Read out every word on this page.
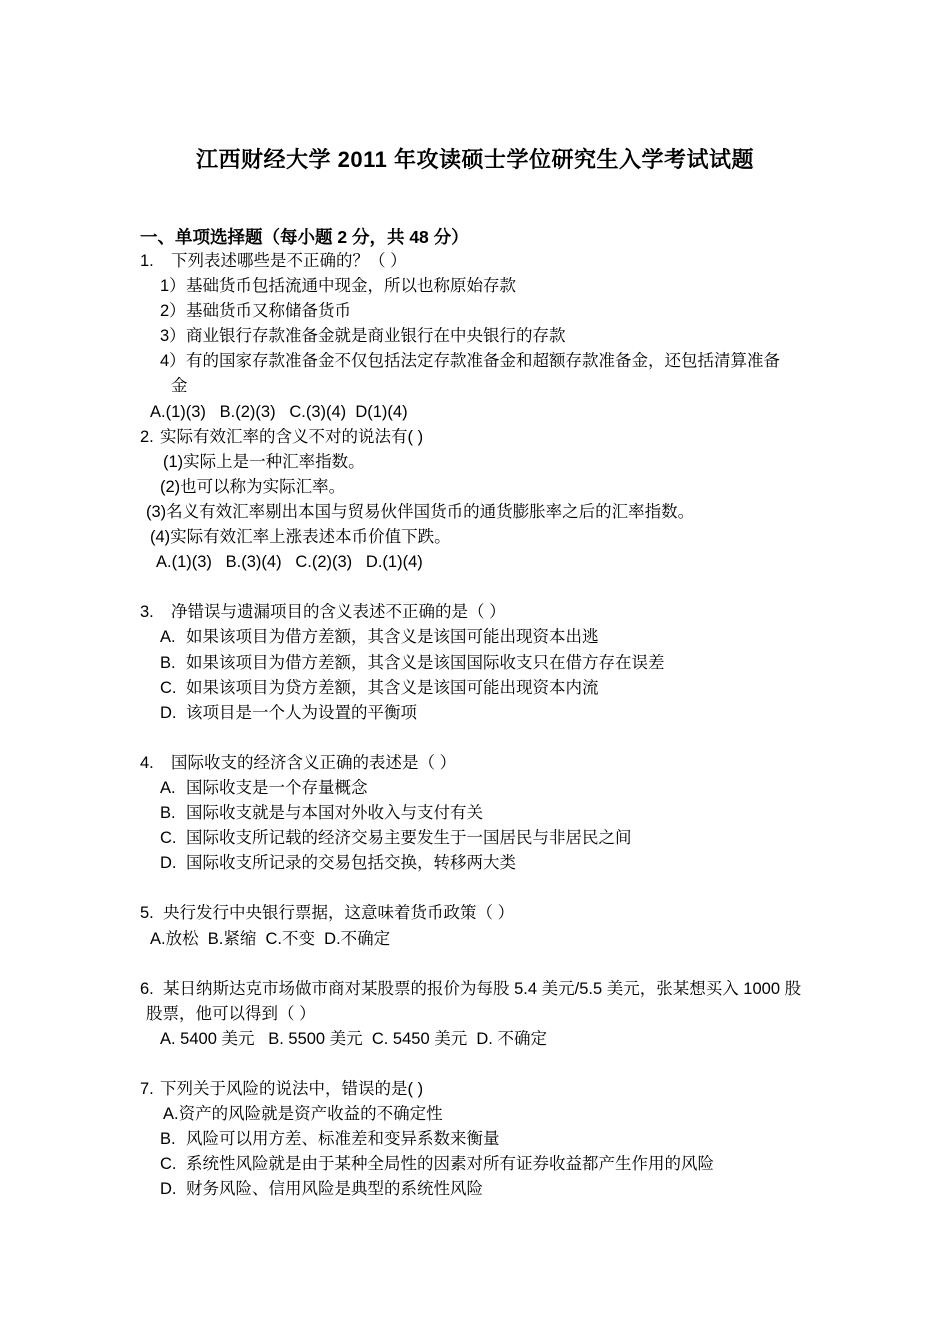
江西财经大学 2011 年攻读硕士学位研究生入学考试试题
一、单项选择题（每小题 2 分，共 48 分）
1. 下列表述哪些是不正确的？（ ）
1） 基础货币包括流通中现金，所以也称原始存款
2） 基础货币又称储备货币
3） 商业银行存款准备金就是商业银行在中央银行的存款
4） 有的国家存款准备金不仅包括法定存款准备金和超额存款准备金，还包括清算准备
金
A.(1)(3)   B.(2)(3)   C.(3)(4)  D(1)(4)
2. 实际有效汇率的含义不对的说法有( )
(1)实际上是一种汇率指数。
(2)也可以称为实际汇率。
(3)名义有效汇率剔出本国与贸易伙伴国货币的通货膨胀率之后的汇率指数。
(4)实际有效汇率上涨表述本币价值下跌。
A.(1)(3)   B.(3)(4)   C.(2)(3)   D.(1)(4)
3. 净错误与遗漏项目的含义表述不正确的是（ ）
A. 如果该项目为借方差额，其含义是该国可能出现资本出逃
B. 如果该项目为借方差额，其含义是该国国际收支只在借方存在误差
C. 如果该项目为贷方差额，其含义是该国可能出现资本内流
D. 该项目是一个人为设置的平衡项
4. 国际收支的经济含义正确的表述是（ ）
A. 国际收支是一个存量概念
B. 国际收支就是与本国对外收入与支付有关
C. 国际收支所记载的经济交易主要发生于一国居民与非居民之间
D. 国际收支所记录的交易包括交换，转移两大类
5. 央行发行中央银行票据，这意味着货币政策（ ）
A.放松  B.紧缩  C.不变  D.不确定
6. 某日纳斯达克市场做市商对某股票的报价为每股 5.4 美元/5.5 美元，张某想买入 1000 股
股票，他可以得到（ ）
A. 5400 美元   B. 5500 美元  C. 5450 美元  D. 不确定
7. 下列关于风险的说法中，错误的是( )
A.资产的风险就是资产收益的不确定性
B. 风险可以用方差、标准差和变异系数来衡量
C. 系统性风险就是由于某种全局性的因素对所有证券收益都产生作用的风险
D. 财务风险、信用风险是典型的系统性风险
